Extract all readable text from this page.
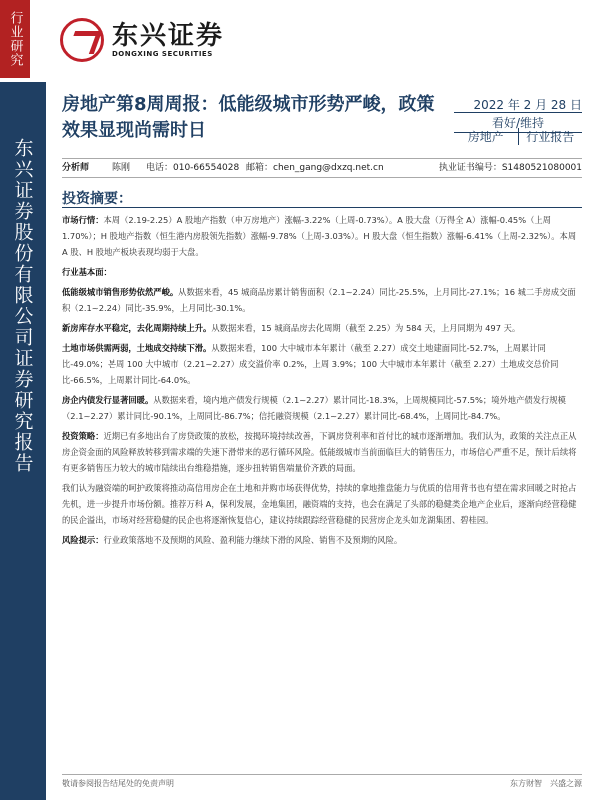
行业研究
东兴证券股份有限公司证券研究报告
东兴证券
DONGXING SECURITIES
房地产第8周周报：低能级城市形势严峻，政策效果显现尚需时日
2022 年 2 月 28 日
看好/维持
房地产	行业报告
分析师	陈刚	电话：010-66554028 邮箱：chen_gang@dxzq.net.cn	执业证书编号：S1480521080001
投资摘要：

市场行情：本周（2.19-2.25）A 股地产指数（申万房地产）涨幅-3.22%（上周-0.73%）。A 股大盘（万得全 A）涨幅-0.45%（上周 1.70%）；H 股地产指数（恒生港内房股领先指数）涨幅-9.78%（上周-3.03%）。H 股大盘（恒生指数）涨幅-6.41%（上周-2.32%）。本周 A 股、H 股地产板块表现均弱于大盘。

行业基本面：

低能级城市销售形势依然严峻。从数据来看，45 城商品房累计销售面积（2.1~2.24）同比-25.5%，上月同比-27.1%；16 城二手房成交面积（2.1~2.24）同比-35.9%，上月同比-30.1%。

新房库存水平稳定，去化周期持续上升。从数据来看，15 城商品房去化周期（截至 2.25）为 584 天，上月同期为 497 天。

土地市场供需两弱，土地成交持续下滑。从数据来看，100 大中城市本年累计（截至 2.27）成交土地建面同比-52.7%，上周累计同比-49.0%；본周 100 大中城市（2.21~2.27）成交溢价率 0.2%，上周 3.9%；100 大中城市本年累计（截至 2.27）土地成交总价同比-66.5%，上周累计同比-64.0%。

房企内债发行显著回暖。从数据来看，境内地产债发行规模（2.1~2.27）累计同比-18.3%，上周规模同比-57.5%；境外地产债发行规模（2.1~2.27）累计同比-90.1%，上周同比-86.7%；信托融资规模（2.1~2.27）累计同比-68.4%，上周同比-84.7%。

投资策略：近期已有多地出台了房贷政策的放松，按揭环境持续改善，下调房贷利率和首付比的城市逐渐增加。我们认为，政策的关注点正从房企资金面的风险释放转移到需求端的失速下滑带来的恶行循环风险。低能级城市当前面临巨大的销售压力，市场信心严重不足，预计后续将有更多销售压力较大的城市陆续出台维稳措施，逐步扭转销售端量价齐跌的局面。

我们认为融资端的呵护政策将推动高信用房企在土地和并购市场获得优势，持续的拿地推盘能力与优质的信用背书也有望在需求回暖之时抢占先机，进一步提升市场份额。推荐万科 A，保利发展，金地集团，融资端的支持，也会在满足了头部的稳健类企地产企业后，逐渐向经营稳健的民企溢出，市场对经营稳健的民企也将逐渐恢复信心，建议持续跟踪经营稳健的民营房企龙头如龙湖集团、碧桂园。

风险提示：行业政策落地不及预期的风险、盈利能力继续下滑的风险、销售不及预期的风险。

敬请参阅报告结尾处的免责声明	东方财智　兴盛之源
